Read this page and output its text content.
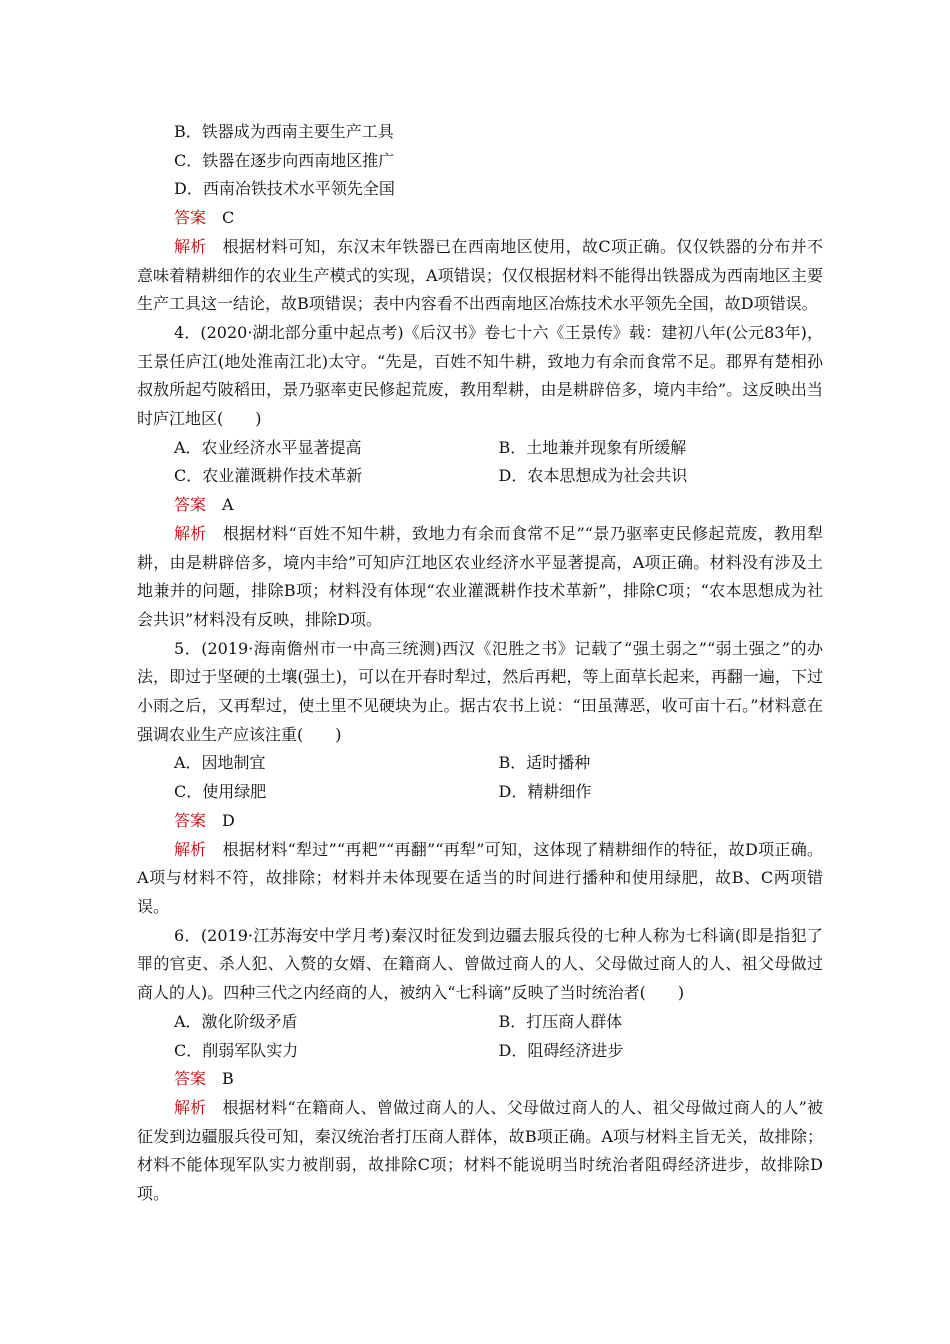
B．铁器成为西南主要生产工具

C．铁器在逐步向西南地区推广

D．西南冶铁技术水平领先全国

答案 C

解析 根据材料可知，东汉末年铁器已在西南地区使用，故C项正确。仅仅铁器的分布并不意味着精耕细作的农业生产模式的实现，A项错误；仅仅根据材料不能得出铁器成为西南地区主要生产工具这一结论，故B项错误；表中内容看不出西南地区冶炼技术水平领先全国，故D项错误。

4．(2020·湖北部分重中起点考)《后汉书》卷七十六《王景传》载：建初八年(公元83年)，王景任庐江(地处淮南江北)太守。“先是，百姓不知牛耕，致地力有余而食常不足。郡界有楚相孙叔敖所起芍陂稻田，景乃驱率吏民修起荒废，教用犁耕，由是耕辟倍多，境内丰给”。这反映出当时庐江地区(　　)

A．农业经济水平显著提高	B．土地兼并现象有所缓解
C．农业灌溉耕作技术革新	D．农本思想成为社会共识

答案 A

解析 根据材料“百姓不知牛耕，致地力有余而食常不足”“景乃驱率吏民修起荒废，教用犁耕，由是耕辟倍多，境内丰给”可知庐江地区农业经济水平显著提高，A项正确。材料没有涉及土地兼并的问题，排除B项；材料没有体现“农业灌溉耕作技术革新”，排除C项；“农本思想成为社会共识”材料没有反映，排除D项。

5．(2019·海南儋州市一中高三统测)西汉《氾胜之书》记载了“强土弱之”“弱土强之”的办法，即过于坚硬的土壤(强土)，可以在开春时犁过，然后再耙，等上面草长起来，再翻一遍，下过小雨之后，又再犁过，使土里不见硬块为止。据古农书上说：“田虽薄恶，收可亩十石。”材料意在强调农业生产应该注重(　　)

A．因地制宜	B．适时播种
C．使用绿肥	D．精耕细作

答案 D

解析 根据材料“犁过”“再耙”“再翻”“再犁”可知，这体现了精耕细作的特征，故D项正确。A项与材料不符，故排除；材料并未体现要在适当的时间进行播种和使用绿肥，故B、C两项错误。

6．(2019·江苏海安中学月考)秦汉时征发到边疆去服兵役的七种人称为七科谪(即是指犯了罪的官吏、杀人犯、入赘的女婿、在籍商人、曾做过商人的人、父母做过商人的人、祖父母做过商人的人)。四种三代之内经商的人，被纳入“七科谪”反映了当时统治者(　　)

A．激化阶级矛盾	B．打压商人群体
C．削弱军队实力	D．阻碍经济进步

答案 B

解析 根据材料“在籍商人、曾做过商人的人、父母做过商人的人、祖父母做过商人的人”被征发到边疆服兵役可知，秦汉统治者打压商人群体，故B项正确。A项与材料主旨无关，故排除；材料不能体现军队实力被削弱，故排除C项；材料不能说明当时统治者阻碍经济进步，故排除D项。
